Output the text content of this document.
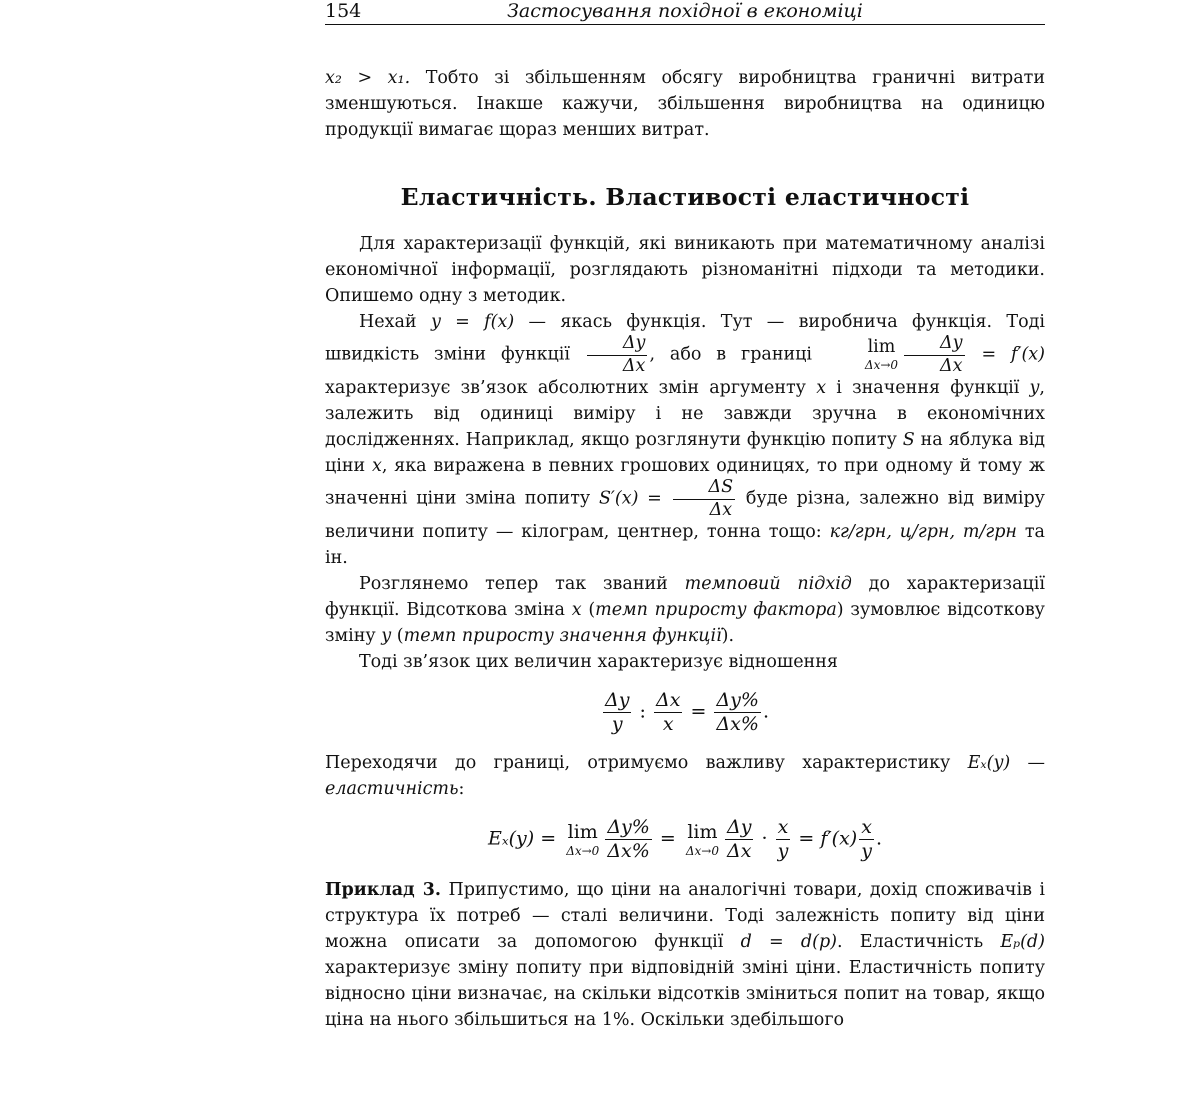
154	Застосування похідної в економіці

x₂ > x₁. Тобто зі збільшенням обсягу виробництва граничні витрати зменшуються. Інакше кажучи, збільшення виробництва на одиницю продукції вимагає щораз менших витрат.

Еластичність. Властивості еластичності

Для характеризації функцій, які виникають при математичному аналізі економічної інформації, розглядають різноманітні підходи та методики. Опишемо одну з методик.

Нехай y = f(x) — якась функція. Тут — виробнича функція. Тоді швидкість зміни функції $\frac{\Delta y}{\Delta x}$ , або в границі	lim
$\Delta x\to 0 \frac{\Delta y}{\Delta x} = f'(x)$ характеризує зв’язок абсолютних змін аргументу x і значення функції y, залежить від одиниці виміру і не завжди зручна в економічних дослідженнях. Наприклад, якщо розглянути функцію попиту S на яблука від ціни x, яка виражена в певних грошових одиницях, то при одному й тому ж значенні ціни зміна попиту $S'(x) = \frac{\Delta S}{\Delta x}$ буде різна, залежно від виміру величини попиту — кілограм, центнер, тонна тощо: кг/грн, ц/грн, т/грн та ін.

Розглянемо тепер так званий темповий підхід до характеризації функції. Відсоткова зміна x (темп приросту фактора) зумовлює відсоткову зміну y (темп приросту значення функції).

Тоді зв’язок цих величин характеризує відношення

$\frac{\Delta y}{y}$ : $\frac{\Delta x}{x} = \frac{\Delta y\%}{\Delta x\%}$ .

Переходячи до границі, отримуємо важливу характеристику Eₓ(y) — еластичність:

Eₓ(y) = lim
$\Delta x\to 0 \frac{\Delta y\%}{\Delta x\%} = \lim$
$\Delta x\to 0 \frac{\Delta y}{\Delta x} \cdot \frac{x}{y} = f'(x) \frac{x}{y}$ .

Приклад 3. Припустимо, що ціни на аналогічні товари, дохід споживачів і структура їх потреб — сталі величини. Тоді залежність попиту від ціни можна описати за допомогою функції d = d(p). Еластичність Eₚ(d) характеризує зміну попиту при відповідній зміні ціни. Еластичність попиту відносно ціни визначає, на скільки відсотків зміниться попит на товар, якщо ціна на нього збільшиться на 1%. Оскільки здебільшого
